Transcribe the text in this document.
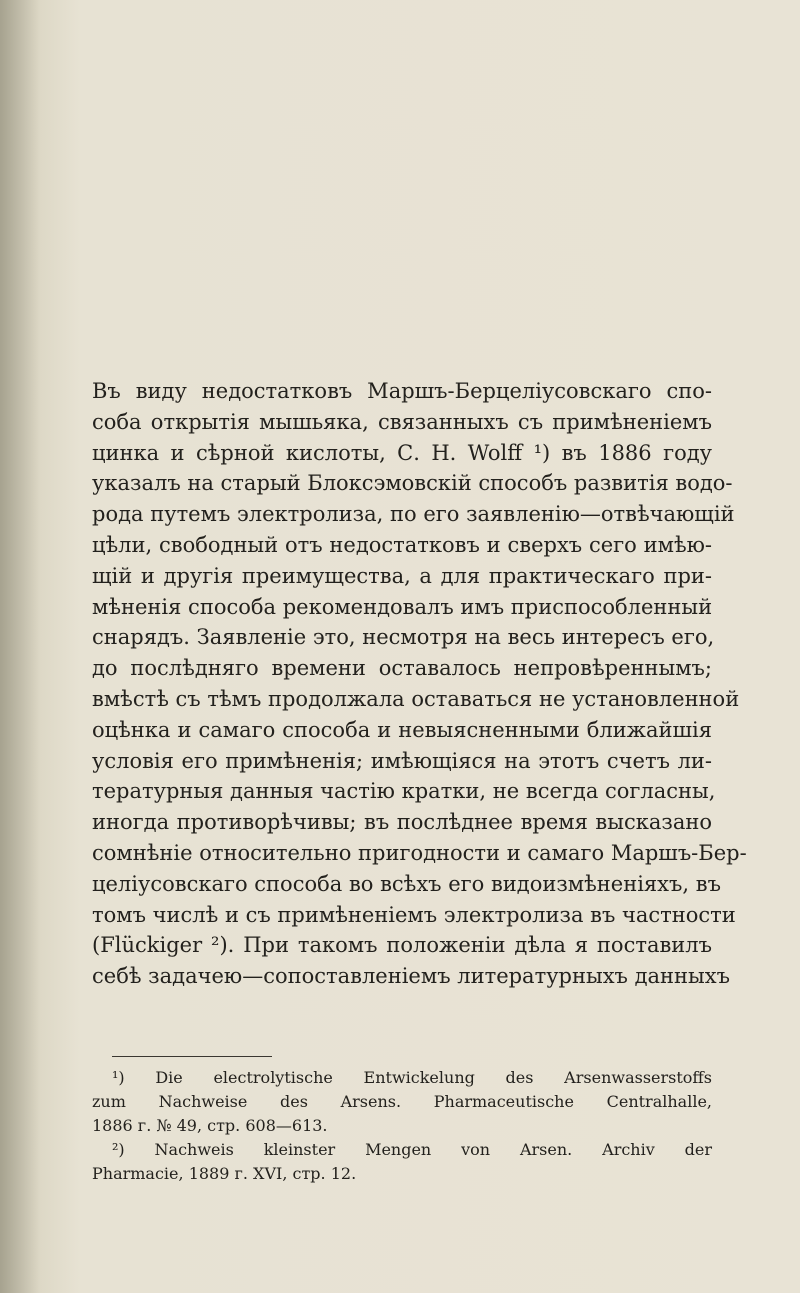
Въ виду недостатковъ Маршъ-Берцеліусовскаго спо-
соба открытія мышьяка, связанныхъ съ примѣненіемъ
цинка и сѣрной кислоты, С. Н. Wolff ¹) въ 1886 году
указалъ на старый Блоксэмовскій способъ развитія водо-
рода путемъ электролиза, по его заявленію—отвѣчающій
цѣли, свободный отъ недостатковъ и сверхъ сего имѣю-
щій и другія преимущества, а для практическаго при-
мѣненія способа рекомендовалъ имъ приспособленный
снарядъ. Заявленіе это, несмотря на весь интересъ его,
до послѣдняго времени оставалось непровѣреннымъ;
вмѣстѣ съ тѣмъ продолжала оставаться не установленной
оцѣнка и самаго способа и невыясненными ближайшія
условія его примѣненія; имѣющіяся на этотъ счетъ ли-
тературныя данныя частію кратки, не всегда согласны,
иногда противорѣчивы; въ послѣднее время высказано
сомнѣніе относительно пригодности и самаго Маршъ-Бер-
целіусовскаго способа во всѣхъ его видоизмѣненіяхъ, въ
томъ числѣ и съ примѣненіемъ электролиза въ частности
(Flückiger ²). При такомъ положеніи дѣла я поставилъ
себѣ задачею—сопоставленіемъ литературныхъ данныхъ
¹) Die electrolytische Entwickelung des Arsenwasserstoffs
zum Nachweise des Arsens. Pharmaceutische Centralhalle,
1886 г. № 49, стр. 608—613.
²) Nachweis kleinster Mengen von Arsen. Archiv der
Pharmacie, 1889 г. XVI, стр. 12.
